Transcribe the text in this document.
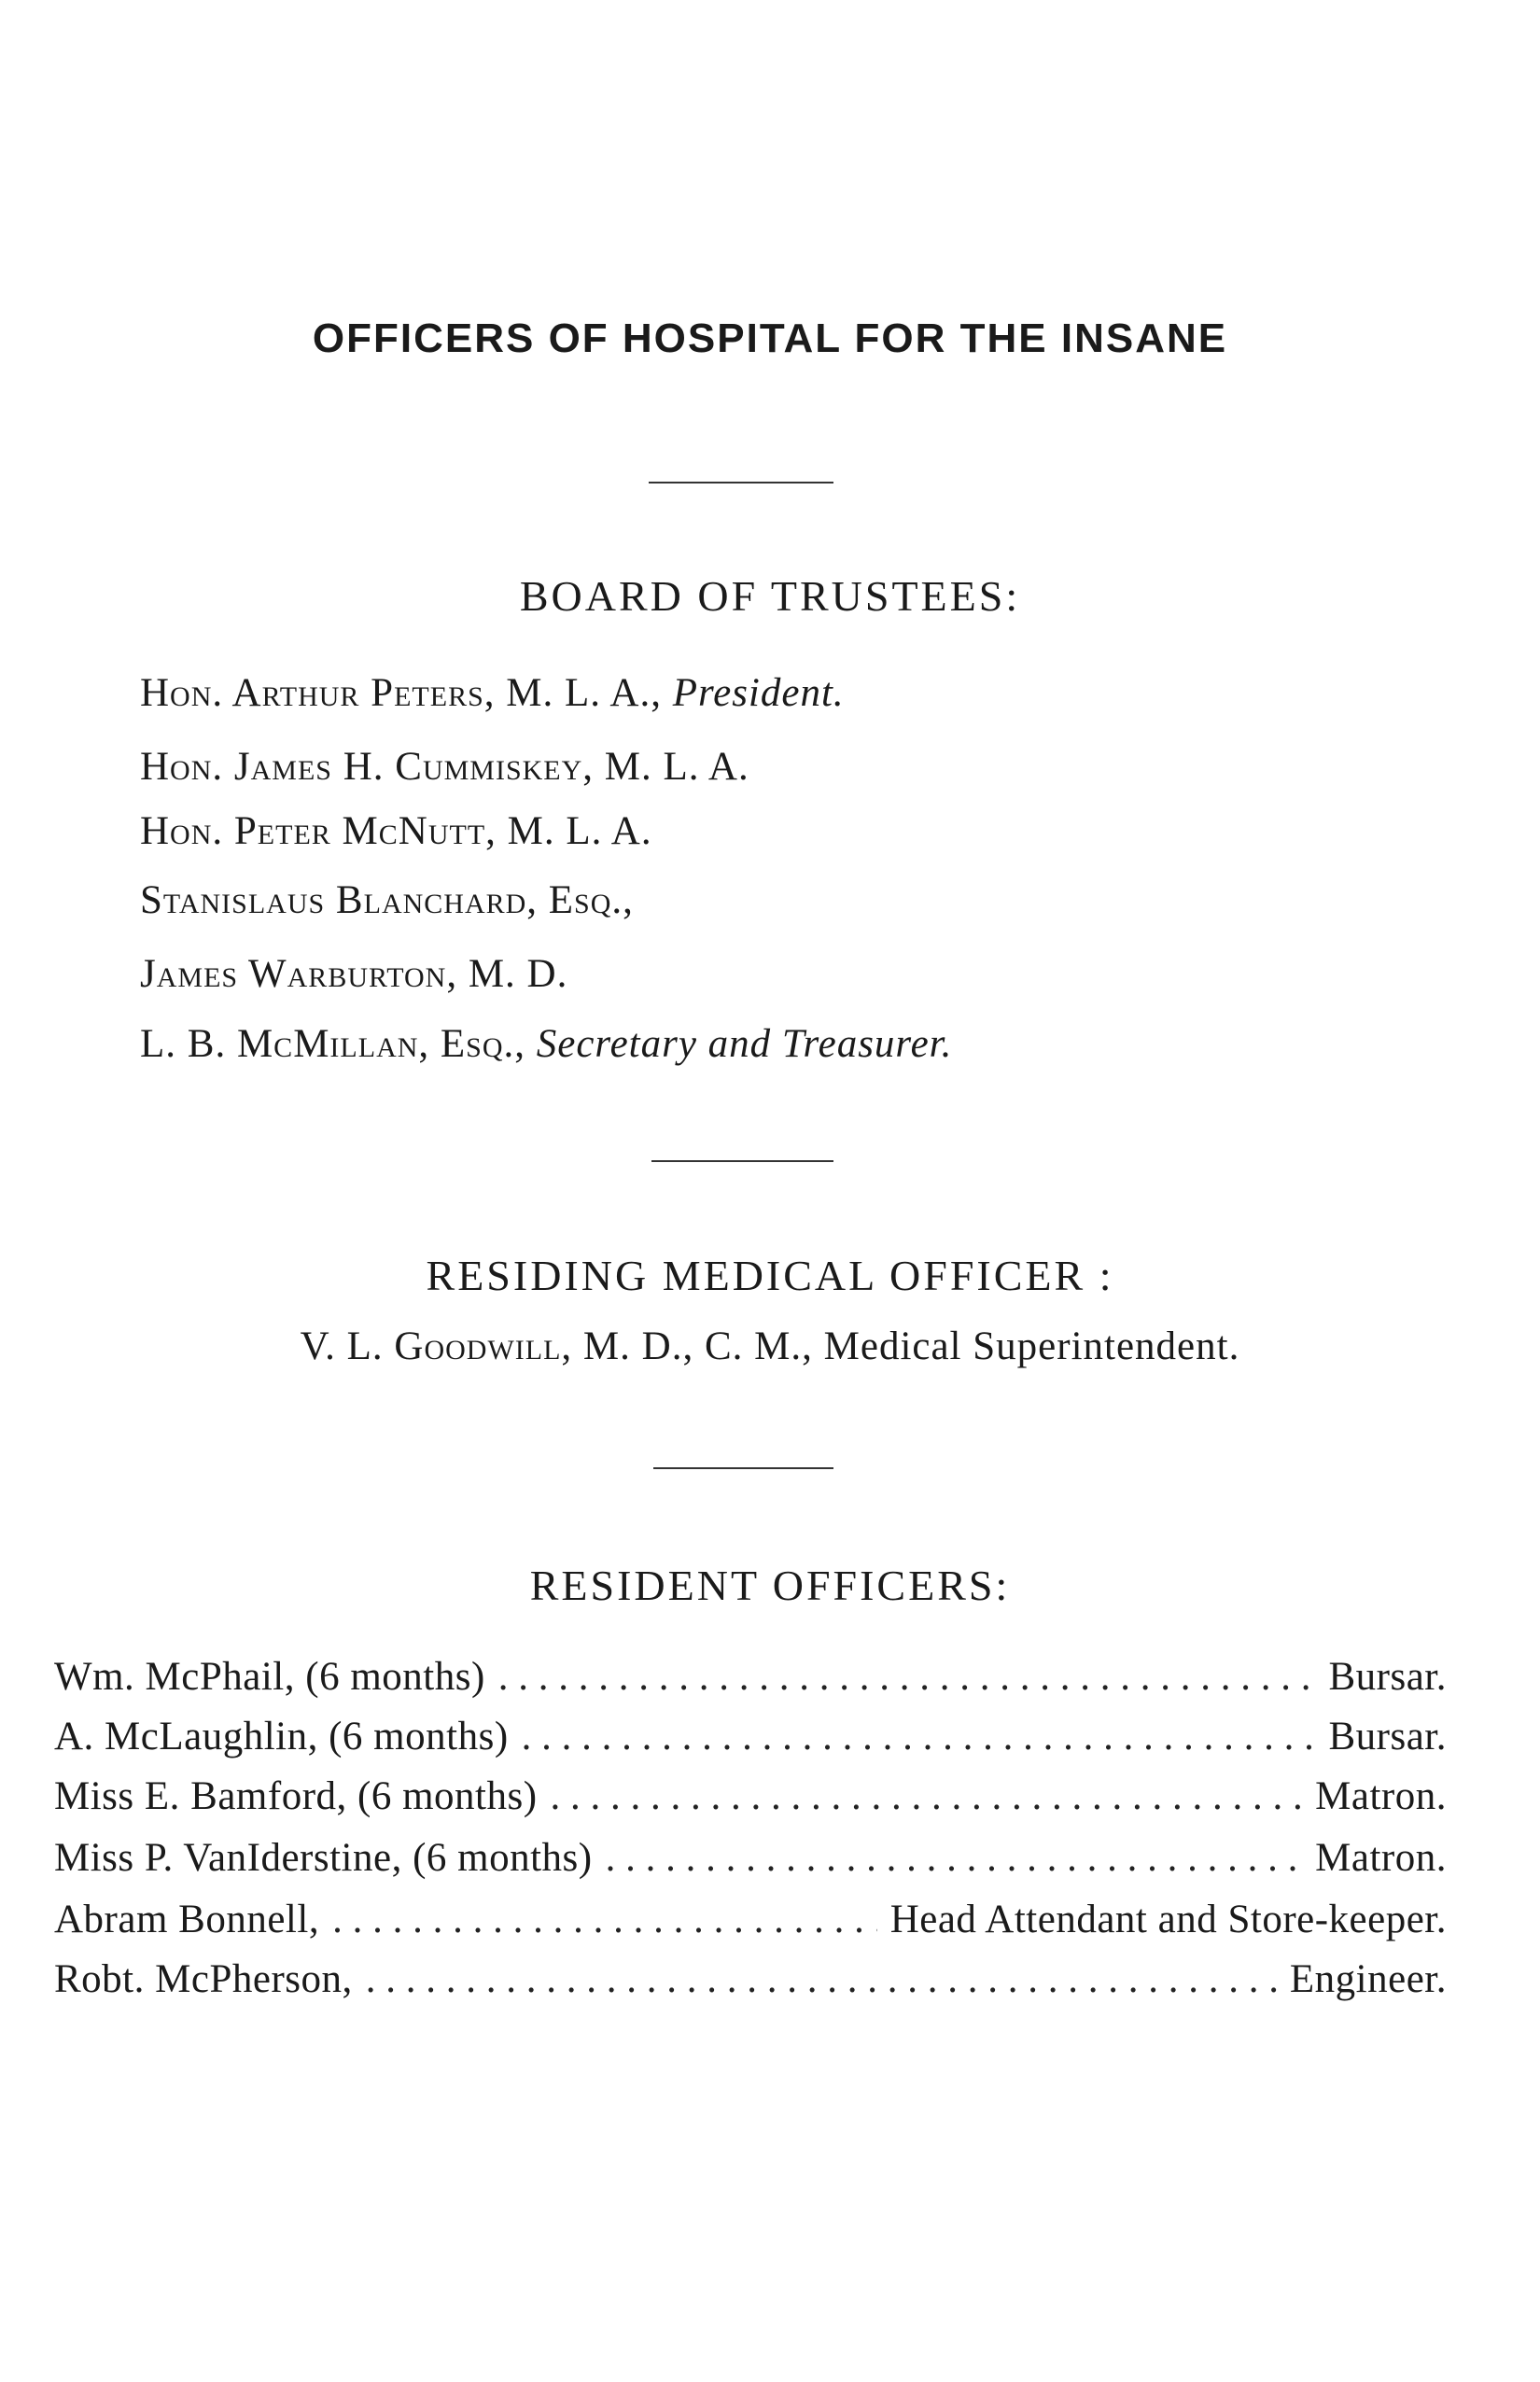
OFFICERS OF HOSPITAL FOR THE INSANE
BOARD OF TRUSTEES:
Hon. Arthur Peters, M. L. A., President.
Hon. James H. Cummiskey, M. L. A.
Hon. Peter McNutt, M. L. A.
Stanislaus Blanchard, Esq.,
James Warburton, M. D.
L. B. McMillan, Esq., Secretary and Treasurer.
RESIDING MEDICAL OFFICER :
V. L. Goodwill, M. D., C. M., Medical Superintendent.
RESIDENT OFFICERS:
Wm. McPhail, (6 months) . . .	Bursar.
A. McLaughlin, (6 months) . . .	Bursar.
Miss E. Bamford, (6 months) . . .	Matron.
Miss P. VanIderstine, (6 months) . . .	Matron.
Abram Bonnell, . . .	Head Attendant and Store-keeper.
Robt. McPherson, . . .	Engineer.
